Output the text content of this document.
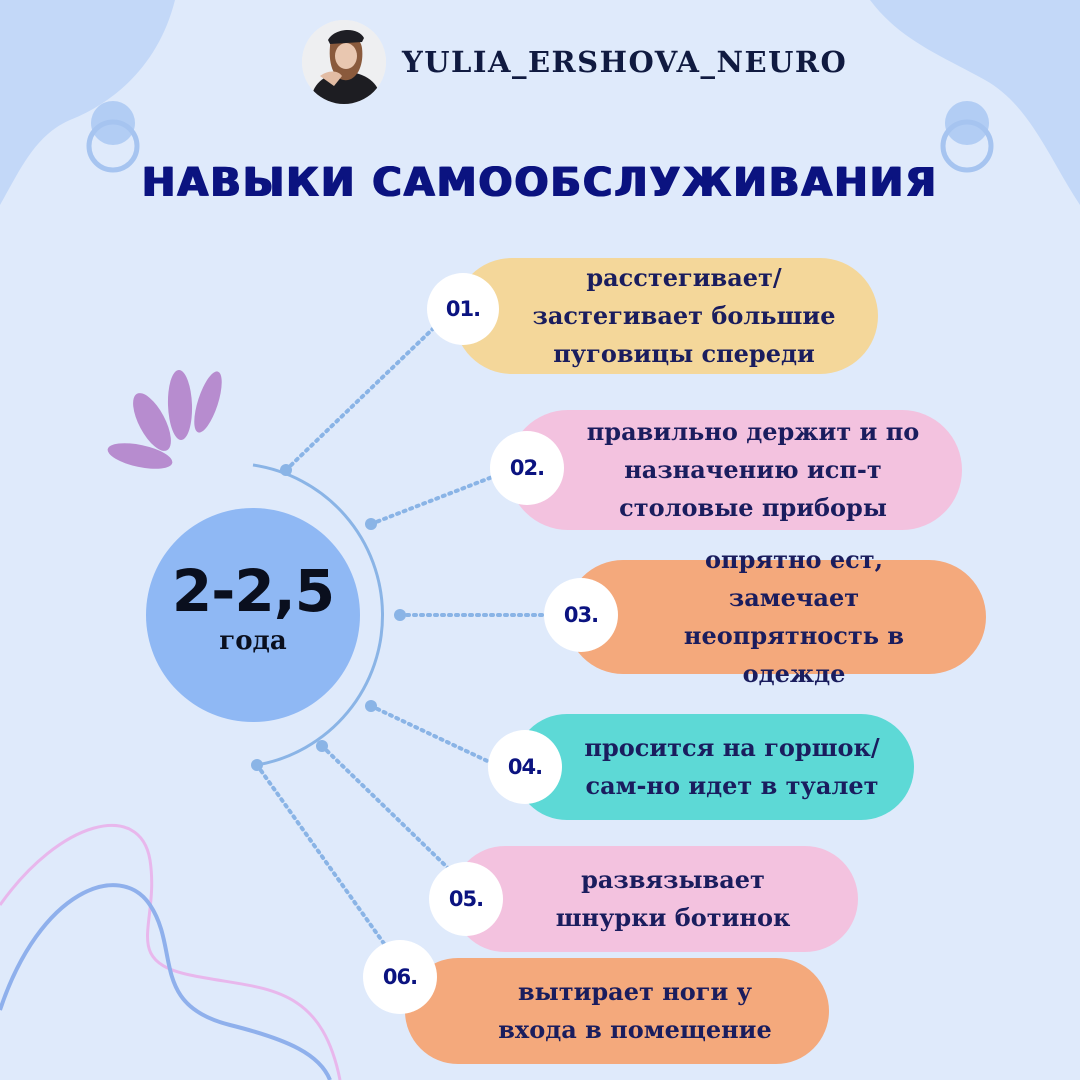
YULIA_ERSHOVA_NEURO
НАВЫКИ САМООБСЛУЖИВАНИЯ
2-2,5
года
расстегивает/ застегивает большие пуговицы спереди
01.
правильно держит и по назначению исп-т столовые приборы
02.
опрятно ест, замечает неопрятность в одежде
03.
просится на горшок/ сам-но идет в туалет
04.
развязывает шнурки ботинок
05.
вытирает ноги у входа в помещение
06.
